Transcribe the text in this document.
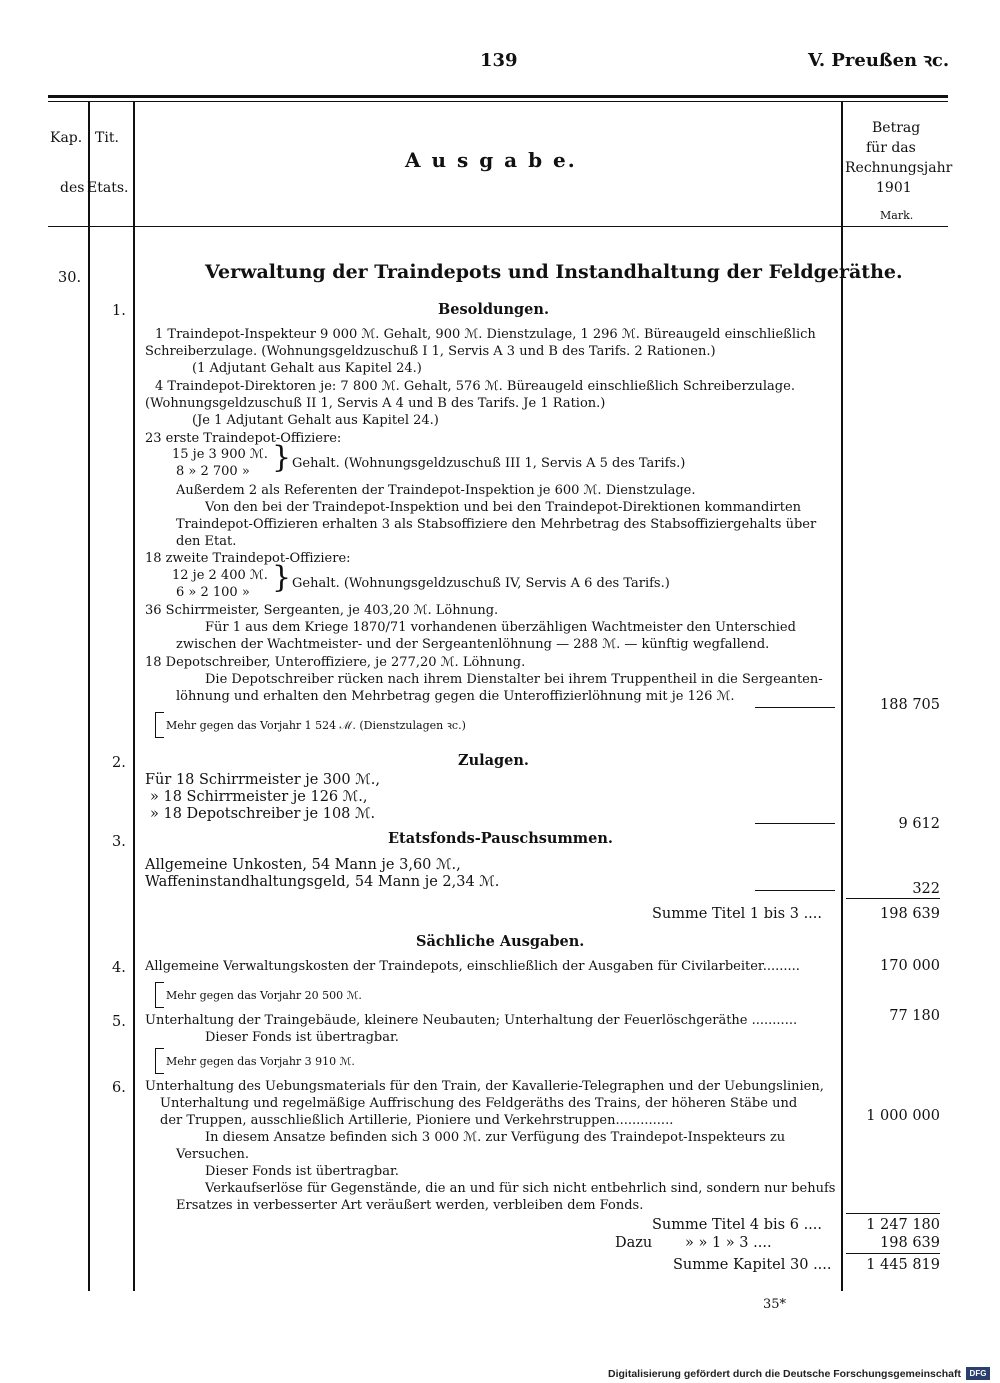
139	V. Preußen ꝛc.
Kap. Tit.
des Etats.
A u s g a b e.
Betrag
für das
Rechnungsjahr
1901
Mark.
30.	Verwaltung der Traindepots und Instandhaltung der Feldgeräthe.
1.	Besoldungen.
1 Traindepot-Inspekteur 9 000 ℳ. Gehalt, 900 ℳ. Dienstzulage, 1 296 ℳ. Büreaugeld einschließlich
Schreiberzulage. (Wohnungsgeldzuschuß I 1, Servis A 3 und B des Tarifs. 2 Rationen.)
(1 Adjutant Gehalt aus Kapitel 24.)
4 Traindepot-Direktoren je: 7 800 ℳ. Gehalt, 576 ℳ. Büreaugeld einschließlich Schreiberzulage.
(Wohnungsgeldzuschuß II 1, Servis A 4 und B des Tarifs. Je 1 Ration.)
(Je 1 Adjutant Gehalt aus Kapitel 24.)
23 erste Traindepot-Offiziere:
15 je 3 900 ℳ.
8 » 2 700 » } Gehalt. (Wohnungsgeldzuschuß III 1, Servis A 5 des Tarifs.)
Außerdem 2 als Referenten der Traindepot-Inspektion je 600 ℳ. Dienstzulage.
Von den bei der Traindepot-Inspektion und bei den Traindepot-Direktionen kommandirten
Traindepot-Offizieren erhalten 3 als Stabsoffiziere den Mehrbetrag des Stabsoffiziergehalts über
den Etat.
18 zweite Traindepot-Offiziere:
12 je 2 400 ℳ.
6 » 2 100 » } Gehalt. (Wohnungsgeldzuschuß IV, Servis A 6 des Tarifs.)
36 Schirrmeister, Sergeanten, je 403,20 ℳ. Löhnung.
Für 1 aus dem Kriege 1870/71 vorhandenen überzähligen Wachtmeister den Unterschied
zwischen der Wachtmeister- und der Sergeantenlöhnung — 288 ℳ. — künftig wegfallend.
18 Depotschreiber, Unteroffiziere, je 277,20 ℳ. Löhnung.
Die Depotschreiber rücken nach ihrem Dienstalter bei ihrem Truppentheil in die Sergeanten-
löhnung und erhalten den Mehrbetrag gegen die Unteroffizierlöhnung mit je 126 ℳ.
Mehr gegen das Vorjahr 1 524 ℳ. (Dienstzulagen ꝛc.)
188 705
2.	Zulagen.
Für 18 Schirrmeister je 300 ℳ.,
» 18 Schirrmeister je 126 ℳ.,
» 18 Depotschreiber je 108 ℳ.
9 612
3.	Etatsfonds-Pauschsummen.
Allgemeine Unkosten, 54 Mann je 3,60 ℳ.,
Waffeninstandhaltungsgeld, 54 Mann je 2,34 ℳ.	322
Summe Titel 1 bis 3 ....	198 639
Sächliche Ausgaben.
4. Allgemeine Verwaltungskosten der Traindepots, einschließlich der Ausgaben für Civilarbeiter.........	170 000
Mehr gegen das Vorjahr 20 500 ℳ.
5. Unterhaltung der Traingebäude, kleinere Neubauten; Unterhaltung der Feuerlöschgeräthe ...........
Dieser Fonds ist übertragbar.
77 180
Mehr gegen das Vorjahr 3 910 ℳ.
6. Unterhaltung des Uebungsmaterials für den Train, der Kavallerie-Telegraphen und der Uebungslinien,
Unterhaltung und regelmäßige Auffrischung des Feldgeräths des Trains, der höheren Stäbe und
der Truppen, ausschließlich Artillerie, Pioniere und Verkehrstruppen..............	1 000 000
In diesem Ansatze befinden sich 3 000 ℳ. zur Verfügung des Traindepot-Inspekteurs zu
Versuchen.
Dieser Fonds ist übertragbar.
Verkaufserlöse für Gegenstände, die an und für sich nicht entbehrlich sind, sondern nur behufs
Ersatzes in verbesserter Art veräußert werden, verbleiben dem Fonds.
Summe Titel 4 bis 6 ....	1 247 180
Dazu » » 1 » 3 ....	198 639
Summe Kapitel 30 ....	1 445 819
35*
Digitalisierung gefördert durch die Deutsche Forschungsgemeinschaft	DFG
